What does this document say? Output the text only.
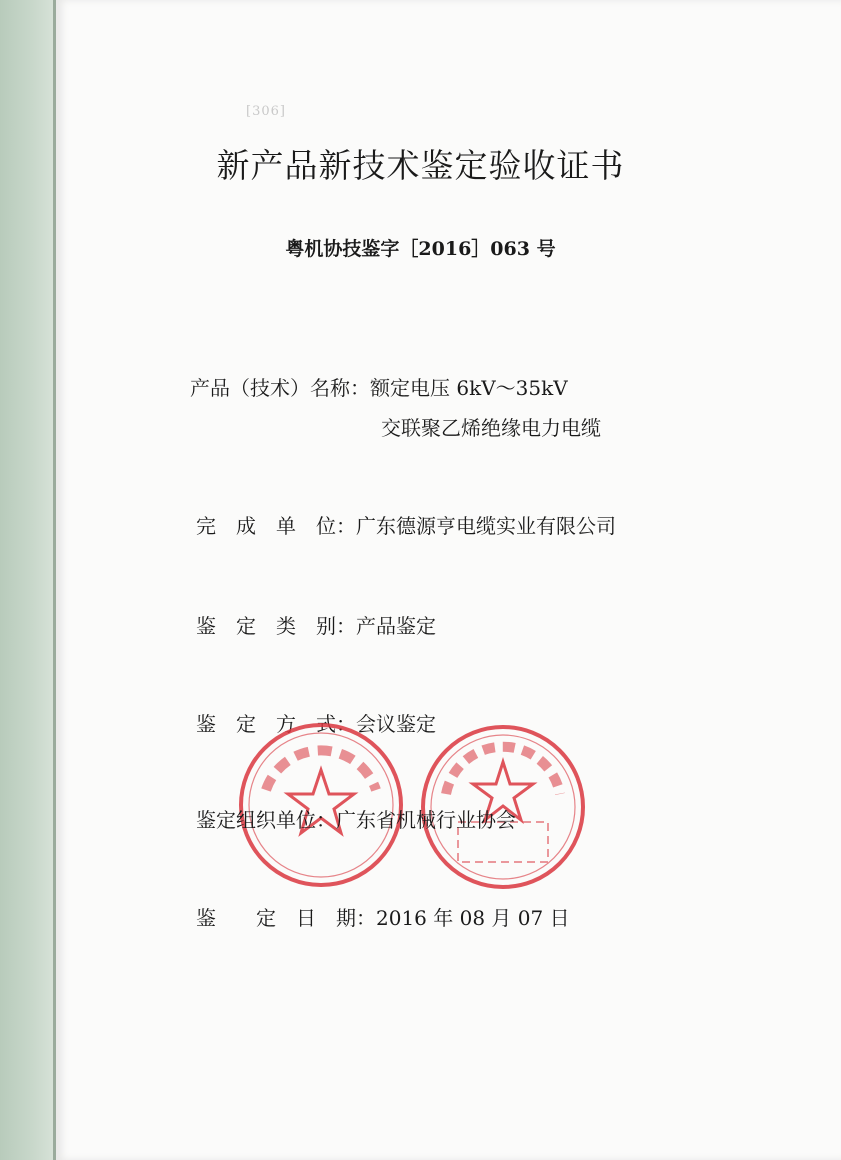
[306]
新产品新技术鉴定验收证书
粤机协技鉴字［2016］063 号
产品（技术）名称：额定电压 6kV～35kV
交联聚乙烯绝缘电力电缆
完　成　单　位：广东德源亨电缆实业有限公司
鉴　定　类　别：产品鉴定
鉴　定　方　式：会议鉴定
鉴定组织单位：广东省机械行业协会
鉴　　定　日　期：2016 年 08 月 07 日
